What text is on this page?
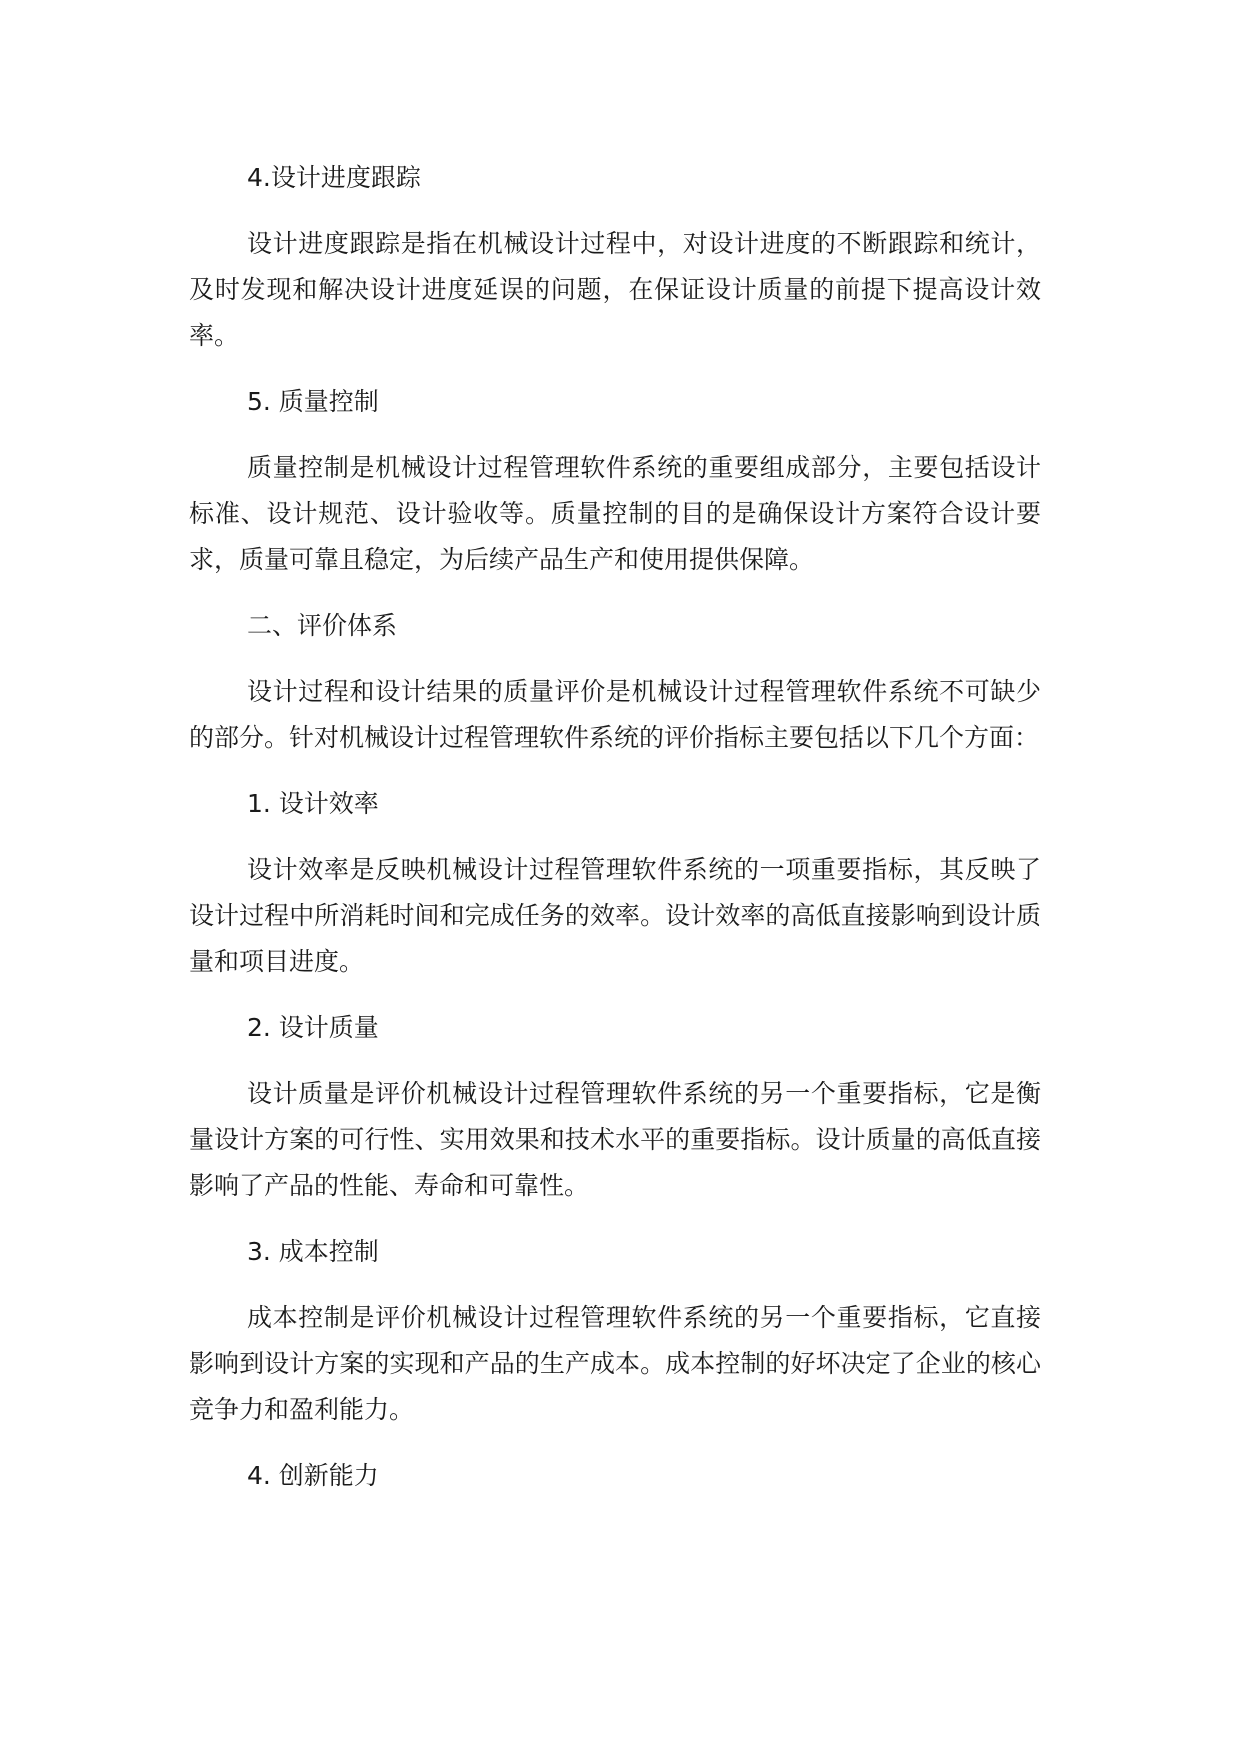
4.设计进度跟踪
设计进度跟踪是指在机械设计过程中，对设计进度的不断跟踪和统计，及时发现和解决设计进度延误的问题，在保证设计质量的前提下提高设计效率。
5. 质量控制
质量控制是机械设计过程管理软件系统的重要组成部分，主要包括设计标准、设计规范、设计验收等。质量控制的目的是确保设计方案符合设计要求，质量可靠且稳定，为后续产品生产和使用提供保障。
二、评价体系
设计过程和设计结果的质量评价是机械设计过程管理软件系统不可缺少的部分。针对机械设计过程管理软件系统的评价指标主要包括以下几个方面：
1. 设计效率
设计效率是反映机械设计过程管理软件系统的一项重要指标，其反映了设计过程中所消耗时间和完成任务的效率。设计效率的高低直接影响到设计质量和项目进度。
2. 设计质量
设计质量是评价机械设计过程管理软件系统的另一个重要指标，它是衡量设计方案的可行性、实用效果和技术水平的重要指标。设计质量的高低直接影响了产品的性能、寿命和可靠性。
3. 成本控制
成本控制是评价机械设计过程管理软件系统的另一个重要指标，它直接影响到设计方案的实现和产品的生产成本。成本控制的好坏决定了企业的核心竞争力和盈利能力。
4. 创新能力
